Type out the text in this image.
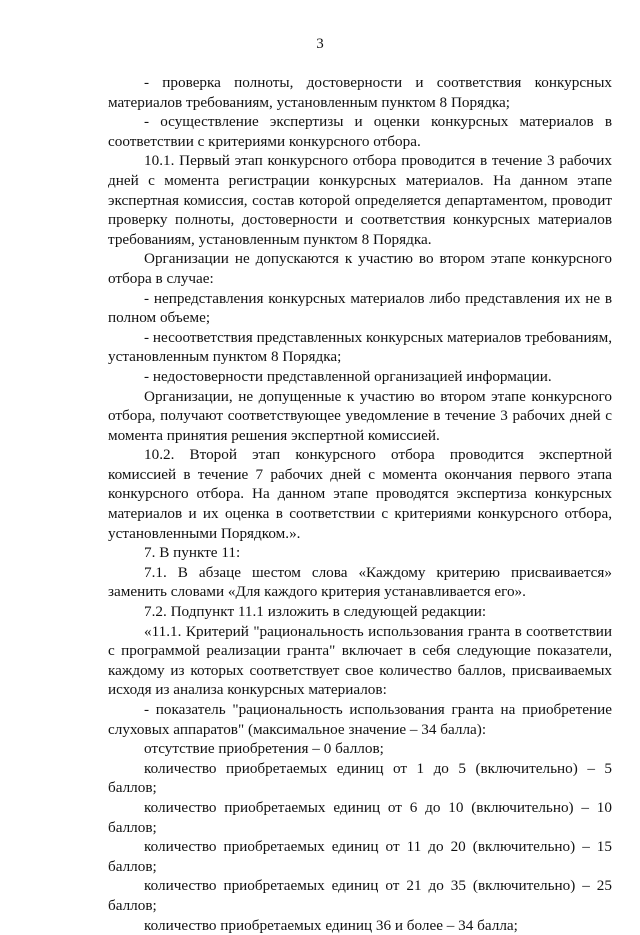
3

- проверка полноты, достоверности и соответствия конкурсных материалов требованиям, установленным пунктом 8 Порядка;

- осуществление экспертизы и оценки конкурсных материалов в соответствии с критериями конкурсного отбора.

10.1. Первый этап конкурсного отбора проводится в течение 3 рабочих дней с момента регистрации конкурсных материалов. На данном этапе экспертная комиссия, состав которой определяется департаментом, проводит проверку полноты, достоверности и соответствия конкурсных материалов требованиям, установленным пунктом 8 Порядка.

Организации не допускаются к участию во втором этапе конкурсного отбора в случае:

- непредставления конкурсных материалов либо представления их не в полном объеме;

- несоответствия представленных конкурсных материалов требованиям, установленным пунктом 8 Порядка;

- недостоверности представленной организацией информации.

Организации, не допущенные к участию во втором этапе конкурсного отбора, получают соответствующее уведомление в течение 3 рабочих дней с момента принятия решения экспертной комиссией.

10.2. Второй этап конкурсного отбора проводится экспертной комиссией в течение 7 рабочих дней с момента окончания первого этапа конкурсного отбора. На данном этапе проводятся экспертиза конкурсных материалов и их оценка в соответствии с критериями конкурсного отбора, установленными Порядком.».

7. В пункте 11:

7.1. В абзаце шестом слова «Каждому критерию присваивается» заменить словами «Для каждого критерия устанавливается его».

7.2. Подпункт 11.1 изложить в следующей редакции:

«11.1. Критерий "рациональность использования гранта в соответствии с программой реализации гранта" включает в себя следующие показатели, каждому из которых соответствует свое количество баллов, присваиваемых исходя из анализа конкурсных материалов:

- показатель "рациональность использования гранта на приобретение слуховых аппаратов" (максимальное значение – 34 балла):

отсутствие приобретения – 0 баллов;

количество приобретаемых единиц от 1 до 5 (включительно) – 5 баллов;

количество приобретаемых единиц от 6 до 10 (включительно) – 10 баллов;

количество приобретаемых единиц от 11 до 20 (включительно) – 15 баллов;

количество приобретаемых единиц от 21 до 35 (включительно) – 25 баллов;

количество приобретаемых единиц 36 и более – 34 балла;
